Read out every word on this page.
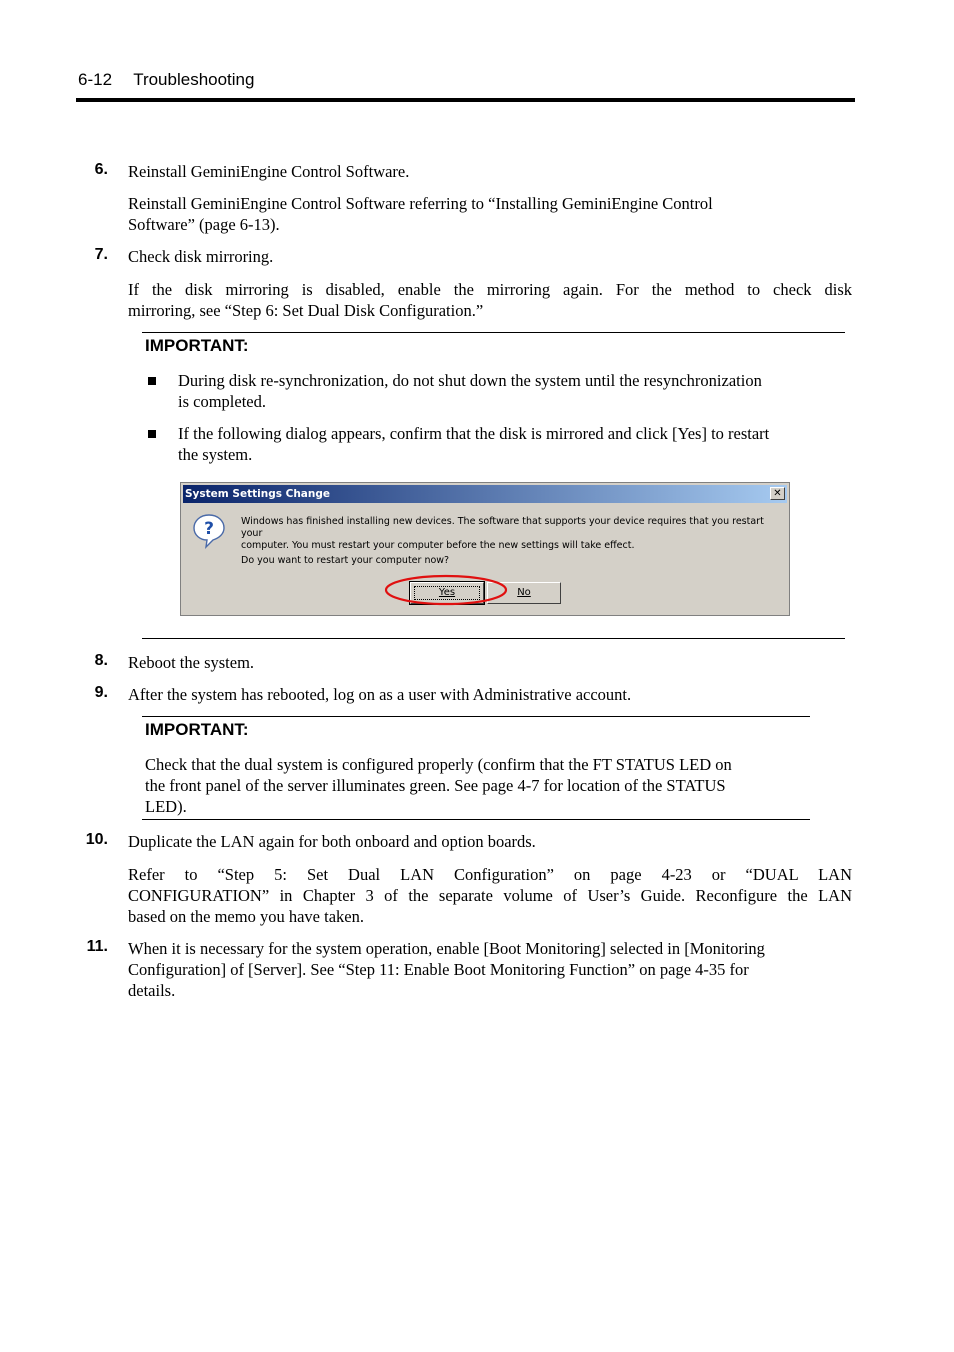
6-12 Troubleshooting
6. Reinstall GeminiEngine Control Software.
Reinstall GeminiEngine Control Software referring to “Installing GeminiEngine Control
Software” (page 6-13).
7. Check disk mirroring.
If the disk mirroring is disabled, enable the mirroring again. For the method to check disk
mirroring, see “Step 6: Set Dual Disk Configuration.”
IMPORTANT:
During disk re-synchronization, do not shut down the system until the resynchronization
is completed.
If the following dialog appears, confirm that the disk is mirrored and click [Yes] to restart
the system.
System Settings Change	✕
?	Windows has finished installing new devices. The software that supports your device requires that you restart your
computer. You must restart your computer before the new settings will take effect.
Do you want to restart your computer now?
Yes	No
8. Reboot the system.
9. After the system has rebooted, log on as a user with Administrative account.
IMPORTANT:
Check that the dual system is configured properly (confirm that the FT STATUS LED on
the front panel of the server illuminates green. See page 4-7 for location of the STATUS
LED).
10. Duplicate the LAN again for both onboard and option boards.
Refer to “Step 5: Set Dual LAN Configuration” on page 4-23 or “DUAL LAN
CONFIGURATION” in Chapter 3 of the separate volume of User’s Guide. Reconfigure the LAN
based on the memo you have taken.
11. When it is necessary for the system operation, enable [Boot Monitoring] selected in [Monitoring
Configuration] of [Server]. See “Step 11: Enable Boot Monitoring Function” on page 4-35 for
details.
